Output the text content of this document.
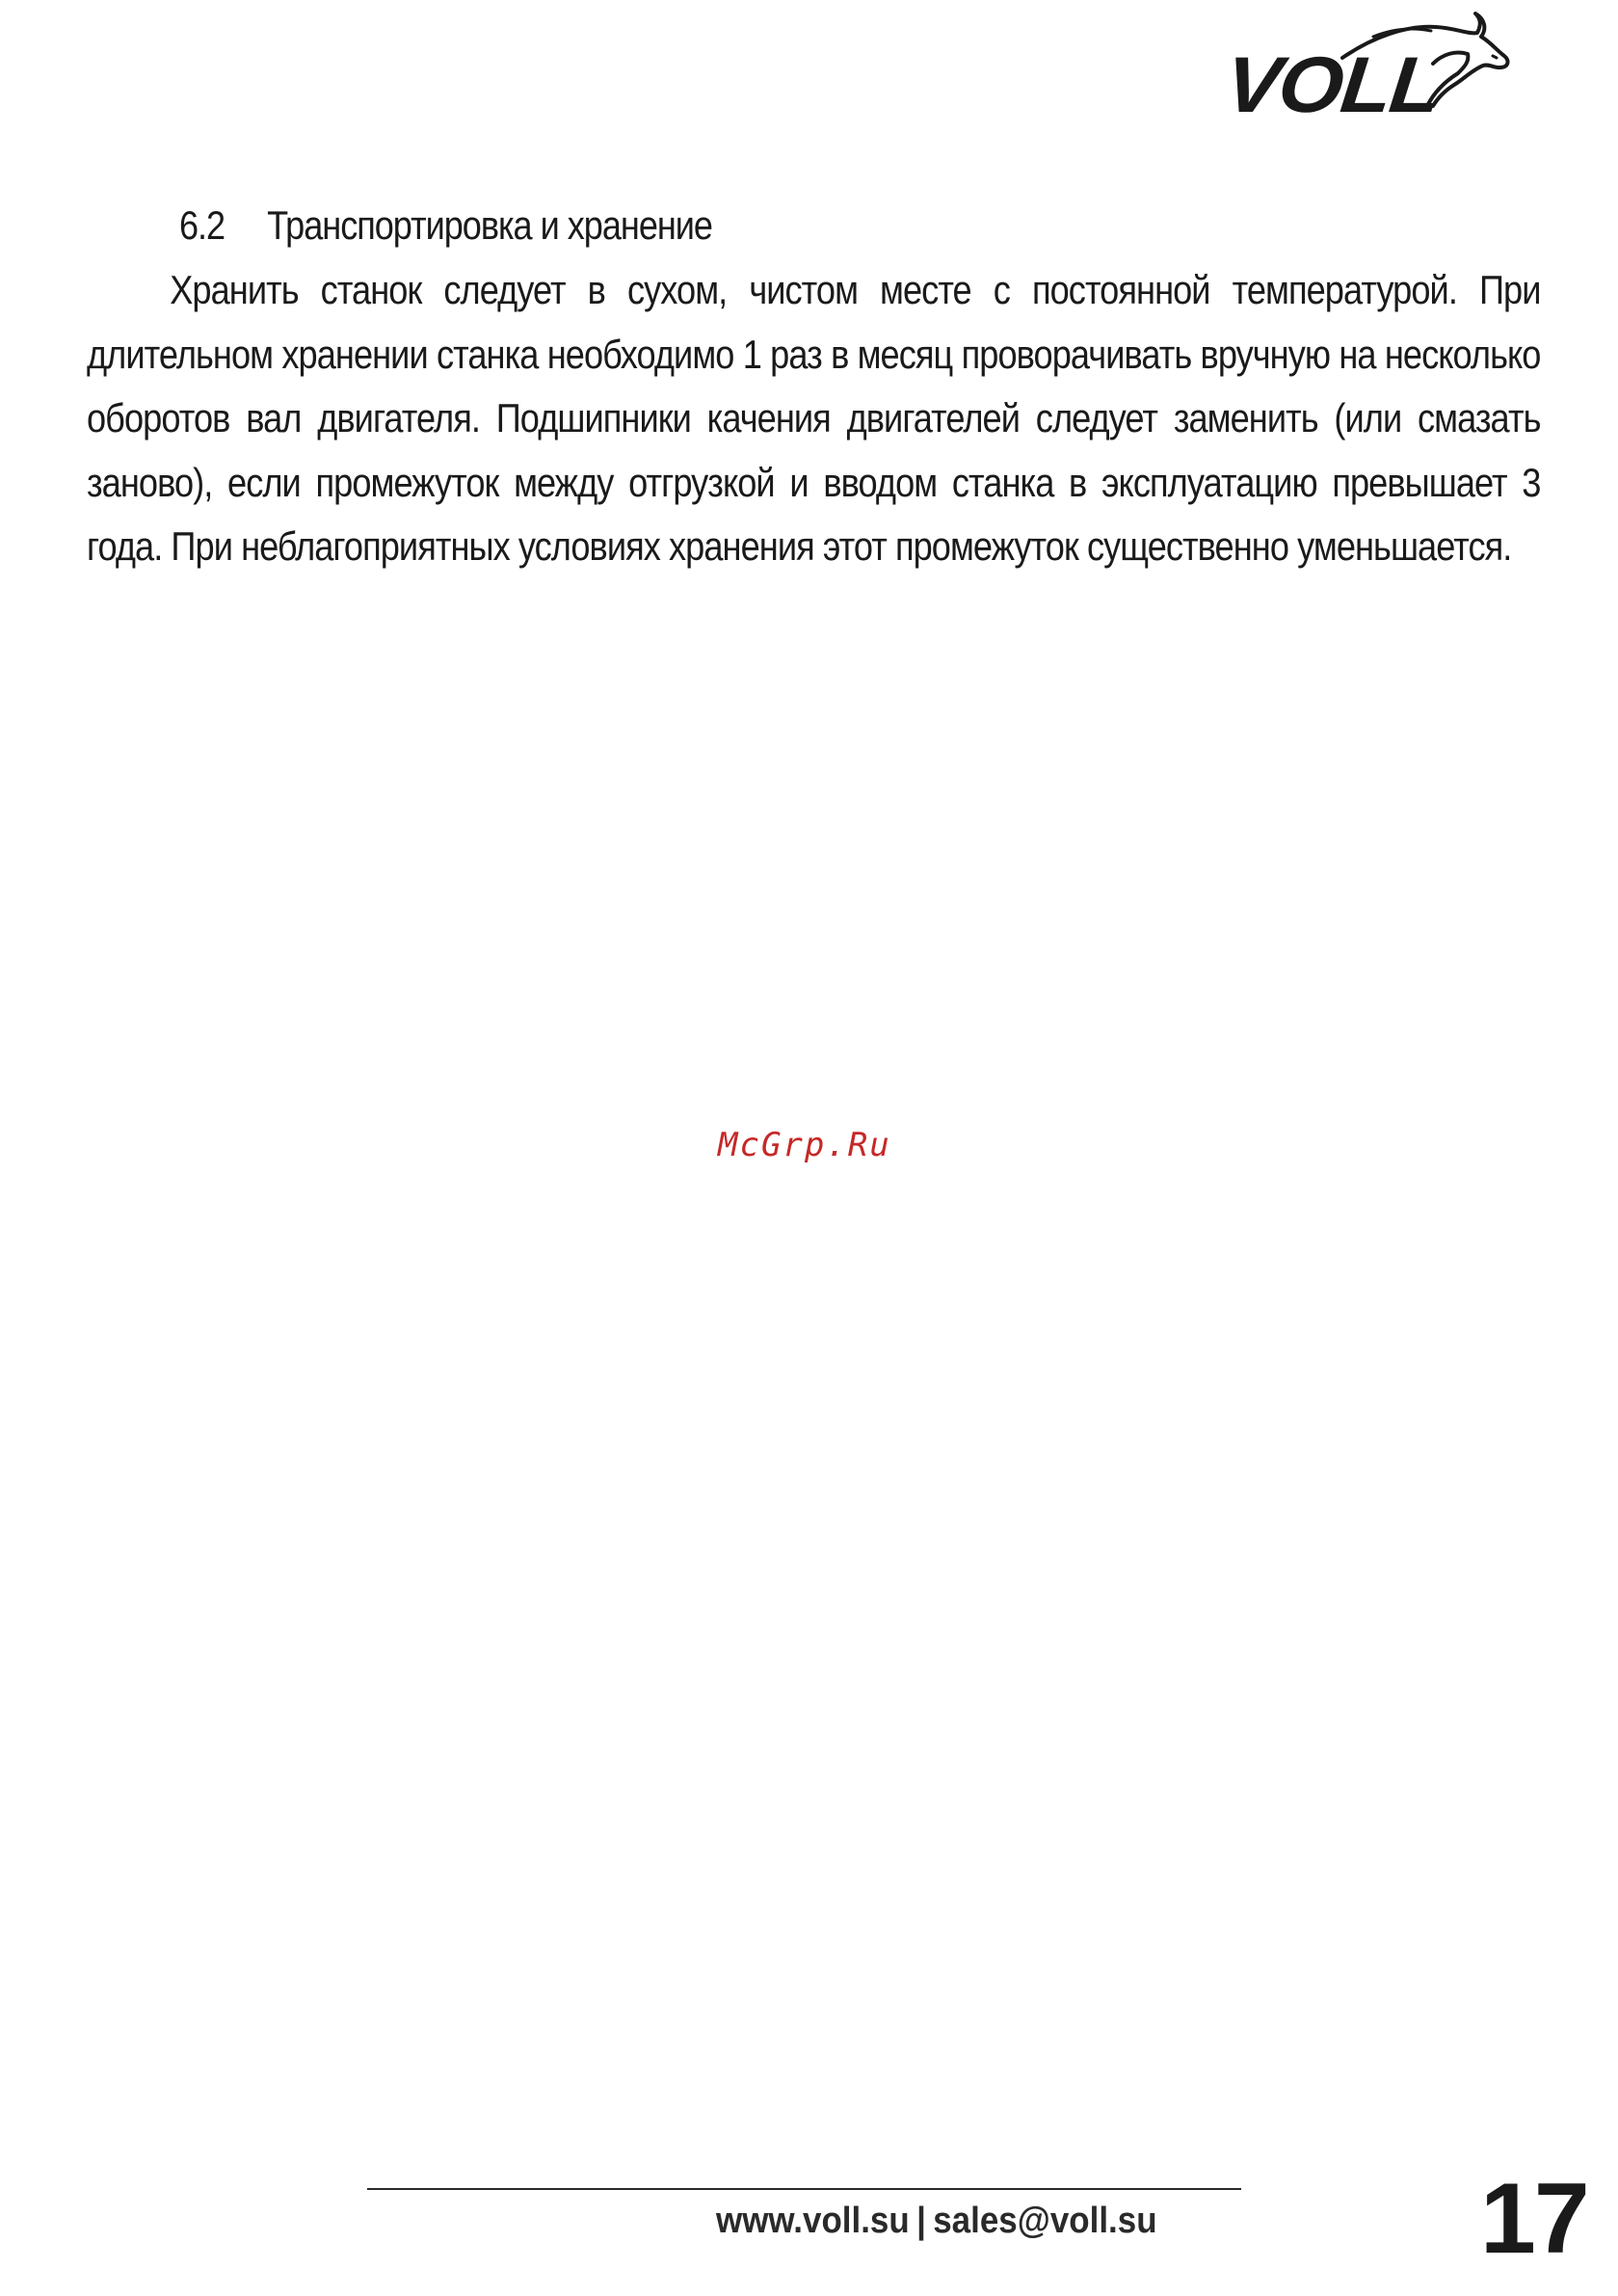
VOLL
6.2 Транспортировка и хранение

Хранить станок следует в сухом, чистом месте с постоянной температурой. При длительном хранении станка необходимо 1 раз в месяц проворачивать вручную на несколько оборотов вал двигателя. Подшипники качения двигателей следует заменить (или смазать заново), если промежуток между отгрузкой и вводом станка в эксплуатацию превышает 3 года. При неблагоприятных условиях хранения этот промежуток существенно уменьшается.

McGrp.Ru
www.voll.su | sales@voll.su	17
